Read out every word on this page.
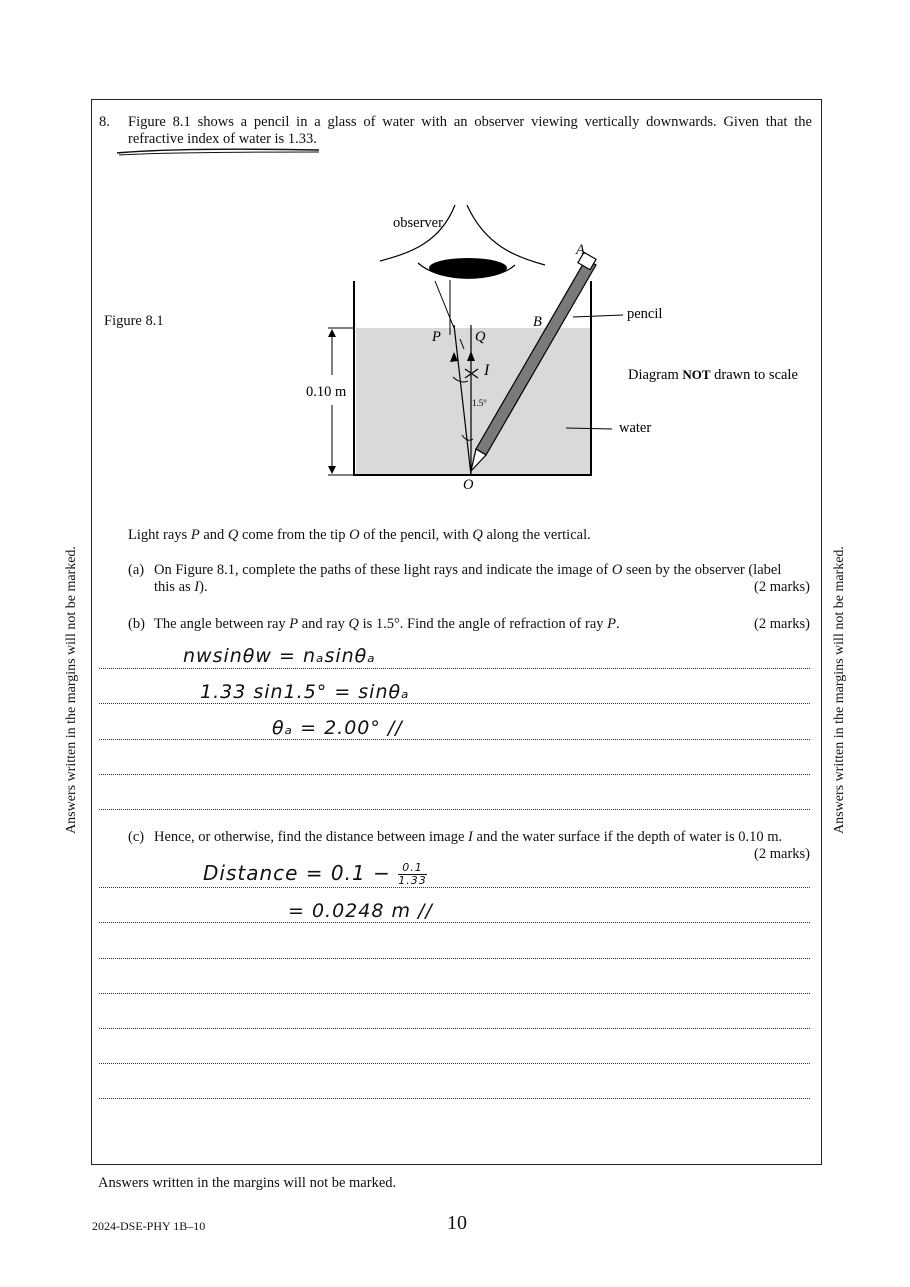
Answers written in the margins will not be marked.	Answers written in the margins will not be marked.
8. Figure 8.1 shows a pencil in a glass of water with an observer viewing vertically downwards. Given that the refractive index of water is 1.33.
Figure 8.1
observer
A
B
P Q
O
I
1.5°
pencil
water
0.10 m
Diagram NOT drawn to scale
Light rays P and Q come from the tip O of the pencil, with Q along the vertical.
(a) On Figure 8.1, complete the paths of these light rays and indicate the image of O seen by the observer (label
this as I).	(2 marks)
(b) The angle between ray P and ray Q is 1.5°. Find the angle of refraction of ray P.	(2 marks)
nwsinθw = nₐsinθₐ
1.33 sin1.5° = sinθₐ
θₐ = 2.00° //
(c) Hence, or otherwise, find the distance between image I and the water surface if the depth of water is 0.10 m.
(2 marks)
Distance = $0.1 - \frac{0.1}{1.33}$
= 0.0248 m //
Answers written in the margins will not be marked.
2024-DSE-PHY 1B–10	10
